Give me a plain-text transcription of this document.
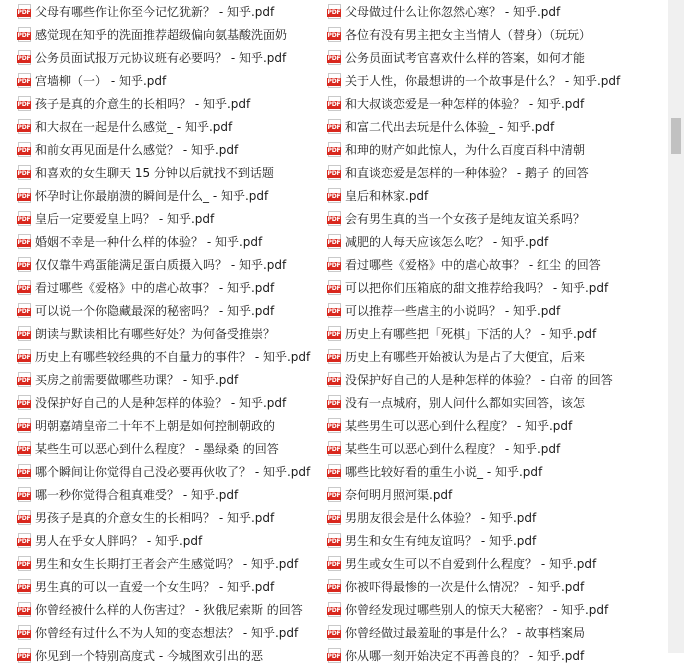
PDF 父母有哪些作让你至今记忆犹新？ - 知乎.pdf
PDF 感觉现在知乎的洗面推荐超级偏向氨基酸洗面奶
PDF 公务员面试报万元协议班有必要吗？ - 知乎.pdf
PDF 宫墙柳（一） - 知乎.pdf
PDF 孩子是真的介意生的长相吗？ - 知乎.pdf
PDF 和大叔在一起是什么感觉_ - 知乎.pdf
PDF 和前女再见面是什么感觉？ - 知乎.pdf
PDF 和喜欢的女生聊天 15 分钟以后就找不到话题
PDF 怀孕时让你最崩溃的瞬间是什么_ - 知乎.pdf
PDF 皇后一定要爱皇上吗？ - 知乎.pdf
PDF 婚姻不幸是一种什么样的体验？ - 知乎.pdf
PDF 仅仅靠牛鸡蛋能满足蛋白质摄入吗？ - 知乎.pdf
PDF 看过哪些《爱格》中的虐心故事？ - 知乎.pdf
PDF 可以说一个你隐藏最深的秘密吗？ - 知乎.pdf
PDF 朗读与默读相比有哪些好处？为何备受推崇？
PDF 历史上有哪些较经典的不自量力的事件？ - 知乎.pdf
PDF 买房之前需要做哪些功课？ - 知乎.pdf
PDF 没保护好自己的人是种怎样的体验？ - 知乎.pdf
PDF 明朝嘉靖皇帝二十年不上朝是如何控制朝政的
PDF 某些生可以恶心到什么程度？ - 墨绿桑 的回答
PDF 哪个瞬间让你觉得自己没必要再伙收了？ - 知乎.pdf
PDF 哪一秒你觉得合租真难受？ - 知乎.pdf
PDF 男孩子是真的介意女生的长相吗？ - 知乎.pdf
PDF 男人在乎女人胖吗？ - 知乎.pdf
PDF 男生和女生长期打王者会产生感觉吗？ - 知乎.pdf
PDF 男生真的可以一直爱一个女生吗？ - 知乎.pdf
PDF 你曾经被什么样的人伤害过？ - 狄俄尼索斯 的回答
PDF 你曾经有过什么不为人知的变态想法？ - 知乎.pdf
PDF 你见到一个特别高度式 - 今城图欢引出的恶
PDF 父母做过什么让你忽然心寒？ - 知乎.pdf
PDF 各位有没有男主把女主当情人（替身）（玩玩）
PDF 公务员面试考官喜欢什么样的答案，如何才能
PDF 关于人性，你最想讲的一个故事是什么？ - 知乎.pdf
PDF 和大叔谈恋爱是一种怎样的体验？ - 知乎.pdf
PDF 和富二代出去玩是什么体验_ - 知乎.pdf
PDF 和珅的财产如此惊人，为什么百度百科中清朝
PDF 和直谈恋爱是怎样的一种体验？ - 鹅子 的回答
PDF 皇后和林家.pdf
PDF 会有男生真的当一个女孩子是纯友谊关系吗？
PDF 减肥的人每天应该怎么吃？ - 知乎.pdf
PDF 看过哪些《爱格》中的虐心故事？ - 红尘 的回答
PDF 可以把你们压箱底的甜文推荐给我吗？ - 知乎.pdf
PDF 可以推荐一些虐主的小说吗？ - 知乎.pdf
PDF 历史上有哪些把「死棋」下活的人？ - 知乎.pdf
PDF 历史上有哪些开始被认为是占了大便宜，后来
PDF 没保护好自己的人是种怎样的体验？ - 白帝 的回答
PDF 没有一点城府，别人问什么都如实回答，该怎
PDF 某些男生可以恶心到什么程度？ - 知乎.pdf
PDF 某些生可以恶心到什么程度？ - 知乎.pdf
PDF 哪些比较好看的重生小说_ - 知乎.pdf
PDF 奈何明月照河渠.pdf
PDF 男朋友很会是什么体验？ - 知乎.pdf
PDF 男生和女生有纯友谊吗？ - 知乎.pdf
PDF 男生或女生可以不自爱到什么程度？ - 知乎.pdf
PDF 你被吓得最惨的一次是什么情况？ - 知乎.pdf
PDF 你曾经发现过哪些别人的惊天大秘密？ - 知乎.pdf
PDF 你曾经做过最羞耻的事是什么？ - 故事档案局
PDF 你从哪一刻开始决定不再善良的？ - 知乎.pdf
